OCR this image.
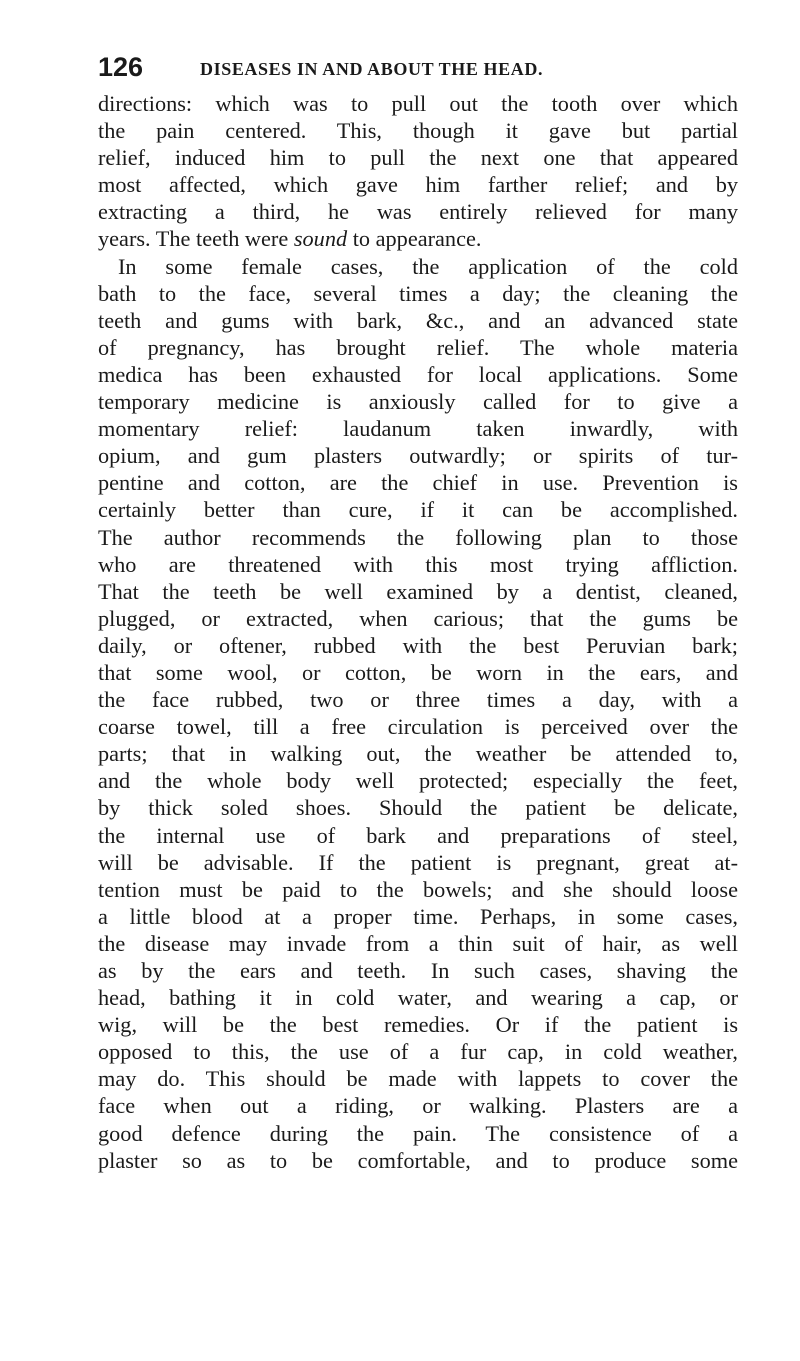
126	DISEASES IN AND ABOUT THE HEAD.
directions: which was to pull out the tooth over which
the pain centered. This, though it gave but partial
relief, induced him to pull the next one that appeared
most affected, which gave him farther relief; and by
extracting a third, he was entirely relieved for many
years. The teeth were sound to appearance.
In some female cases, the application of the cold
bath to the face, several times a day; the cleaning the
teeth and gums with bark, &c., and an advanced state
of pregnancy, has brought relief. The whole materia
medica has been exhausted for local applications. Some
temporary medicine is anxiously called for to give a
momentary relief: laudanum taken inwardly, with
opium, and gum plasters outwardly; or spirits of tur-
pentine and cotton, are the chief in use. Prevention is
certainly better than cure, if it can be accomplished.
The author recommends the following plan to those
who are threatened with this most trying affliction.
That the teeth be well examined by a dentist, cleaned,
plugged, or extracted, when carious; that the gums be
daily, or oftener, rubbed with the best Peruvian bark;
that some wool, or cotton, be worn in the ears, and
the face rubbed, two or three times a day, with a
coarse towel, till a free circulation is perceived over the
parts; that in walking out, the weather be attended to,
and the whole body well protected; especially the feet,
by thick soled shoes. Should the patient be delicate,
the internal use of bark and preparations of steel,
will be advisable. If the patient is pregnant, great at-
tention must be paid to the bowels; and she should loose
a little blood at a proper time. Perhaps, in some cases,
the disease may invade from a thin suit of hair, as well
as by the ears and teeth. In such cases, shaving the
head, bathing it in cold water, and wearing a cap, or
wig, will be the best remedies. Or if the patient is
opposed to this, the use of a fur cap, in cold weather,
may do. This should be made with lappets to cover the
face when out a riding, or walking. Plasters are a
good defence during the pain. The consistence of a
plaster so as to be comfortable, and to produce some
